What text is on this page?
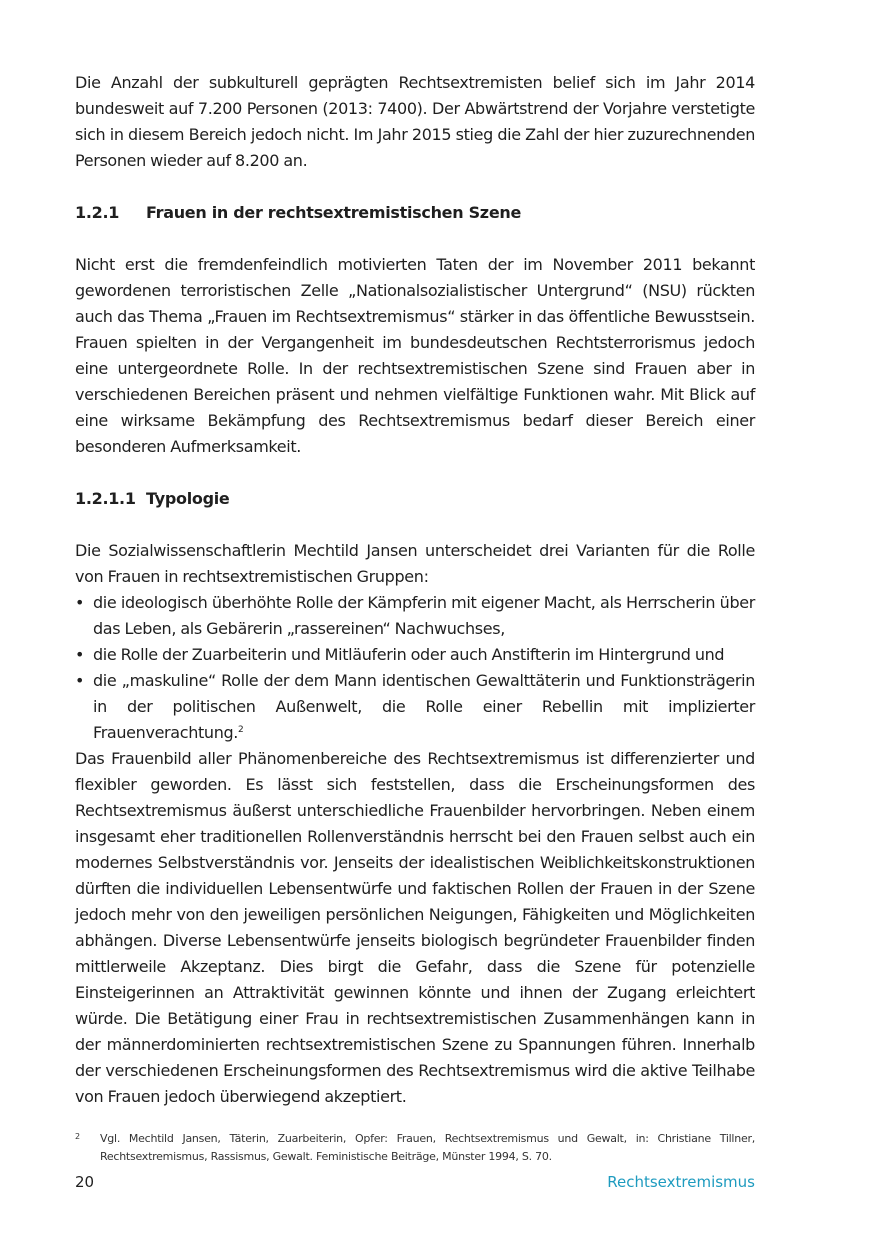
Die Anzahl der subkulturell geprägten Rechtsextremisten belief sich im Jahr 2014 bundesweit auf 7.200 Personen (2013: 7400). Der Abwärtstrend der Vorjahre verstetigte sich in diesem Bereich jedoch nicht. Im Jahr 2015 stieg die Zahl der hier zuzurechnenden Personen wieder auf 8.200 an.

1.2.1 Frauen in der rechtsextremistischen Szene

Nicht erst die fremdenfeindlich motivierten Taten der im November 2011 bekannt gewordenen terroristischen Zelle „Nationalsozialistischer Untergrund“ (NSU) rückten auch das Thema „Frauen im Rechtsextremismus“ stärker in das öffentliche Bewusstsein. Frauen spielten in der Vergangenheit im bundesdeutschen Rechtsterrorismus jedoch eine untergeordnete Rolle. In der rechtsextremistischen Szene sind Frauen aber in verschiedenen Bereichen präsent und nehmen vielfältige Funktionen wahr. Mit Blick auf eine wirksame Bekämpfung des Rechtsextremismus bedarf dieser Bereich einer besonderen Aufmerksamkeit.

1.2.1.1 Typologie

Die Sozialwissenschaftlerin Mechtild Jansen unterscheidet drei Varianten für die Rolle von Frauen in rechtsextremistischen Gruppen:

• die ideologisch überhöhte Rolle der Kämpferin mit eigener Macht, als Herrscherin über das Leben, als Gebärerin „rassereinen“ Nachwuchses,
• die Rolle der Zuarbeiterin und Mitläuferin oder auch Anstifterin im Hintergrund und
• die „maskuline“ Rolle der dem Mann identischen Gewalttäterin und Funktionsträgerin in der politischen Außenwelt, die Rolle einer Rebellin mit implizierter Frauenverachtung.$^2$

Das Frauenbild aller Phänomenbereiche des Rechtsextremismus ist differenzierter und flexibler geworden. Es lässt sich feststellen, dass die Erscheinungsformen des Rechtsextremismus äußerst unterschiedliche Frauenbilder hervorbringen. Neben einem insgesamt eher traditionellen Rollenverständnis herrscht bei den Frauen selbst auch ein modernes Selbstverständnis vor. Jenseits der idealistischen Weiblichkeitskonstruktionen dürften die individuellen Lebensentwürfe und faktischen Rollen der Frauen in der Szene jedoch mehr von den jeweiligen persönlichen Neigungen, Fähigkeiten und Möglichkeiten abhängen. Diverse Lebensentwürfe jenseits biologisch begründeter Frauenbilder finden mittlerweile Akzeptanz. Dies birgt die Gefahr, dass die Szene für potenzielle Einsteigerinnen an Attraktivität gewinnen könnte und ihnen der Zugang erleichtert würde. Die Betätigung einer Frau in rechtsextremistischen Zusammenhängen kann in der männerdominierten rechtsextremistischen Szene zu Spannungen führen. Innerhalb der verschiedenen Erscheinungsformen des Rechtsextremismus wird die aktive Teilhabe von Frauen jedoch überwiegend akzeptiert.

2 Vgl. Mechtild Jansen, Täterin, Zuarbeiterin, Opfer: Frauen, Rechtsextremismus und Gewalt, in: Christiane Tillner, Rechtsextremismus, Rassismus, Gewalt. Feministische Beiträge, Münster 1994, S. 70.
20	Rechtsextremismus
